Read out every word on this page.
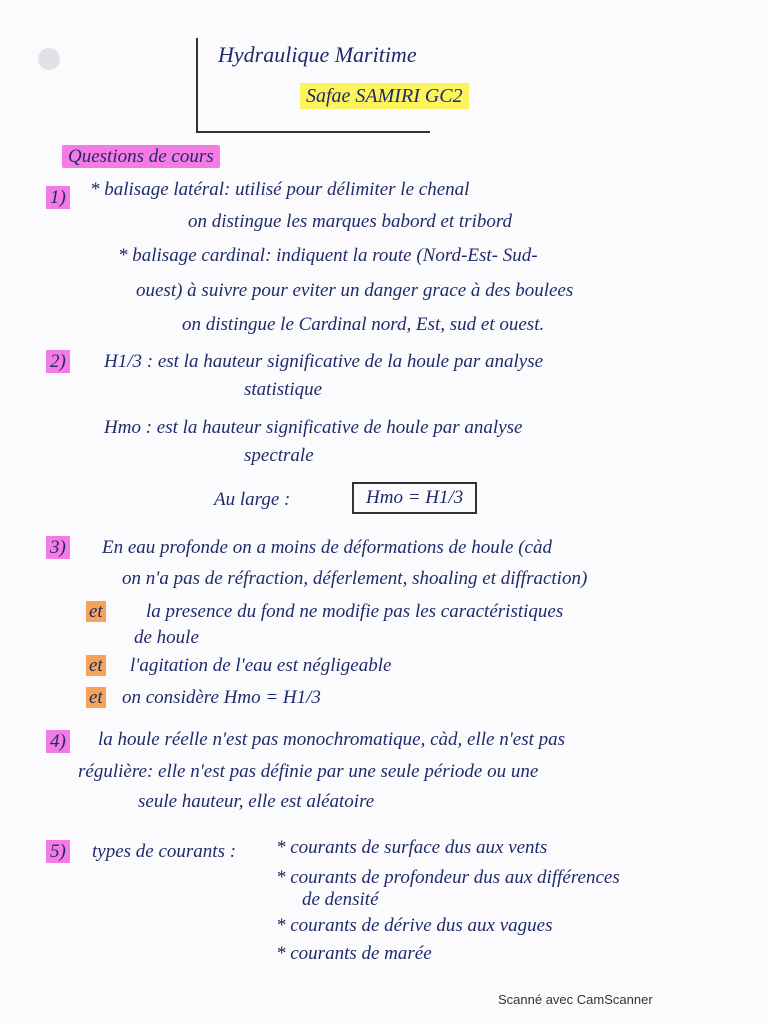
Hydraulique Maritime
Safae SAMIRI GC2
Questions de cours
1) * balisage latéral: utilisé pour délimiter le chenal
on distingue les marques babord et tribord
* balisage cardinal: indiquent la route (Nord-Est- Sud-
ouest) à suivre pour eviter un danger grace à des boulees
on distingue le Cardinal nord, Est, sud et ouest.
2) H1/3 : est la hauteur significative de la houle par analyse
statistique
Hmo : est la hauteur significative de houle par analyse
spectrale
Au large :	Hmo = H1/3
3) En eau profonde on a moins de déformations de houle (càd
on n'a pas de réfraction, déferlement, shoaling et diffraction)
et la presence du fond ne modifie pas les caractéristiques
de houle
et l'agitation de l'eau est négligeable
et on considère Hmo = H1/3
4) la houle réelle n'est pas monochromatique, càd, elle n'est pas
régulière: elle n'est pas définie par une seule période ou une
seule hauteur, elle est aléatoire
5) types de courants : * courants de surface dus aux vents
* courants de profondeur dus aux différences
de densité
* courants de dérive dus aux vagues
* courants de marée
Scanné avec CamScanner
